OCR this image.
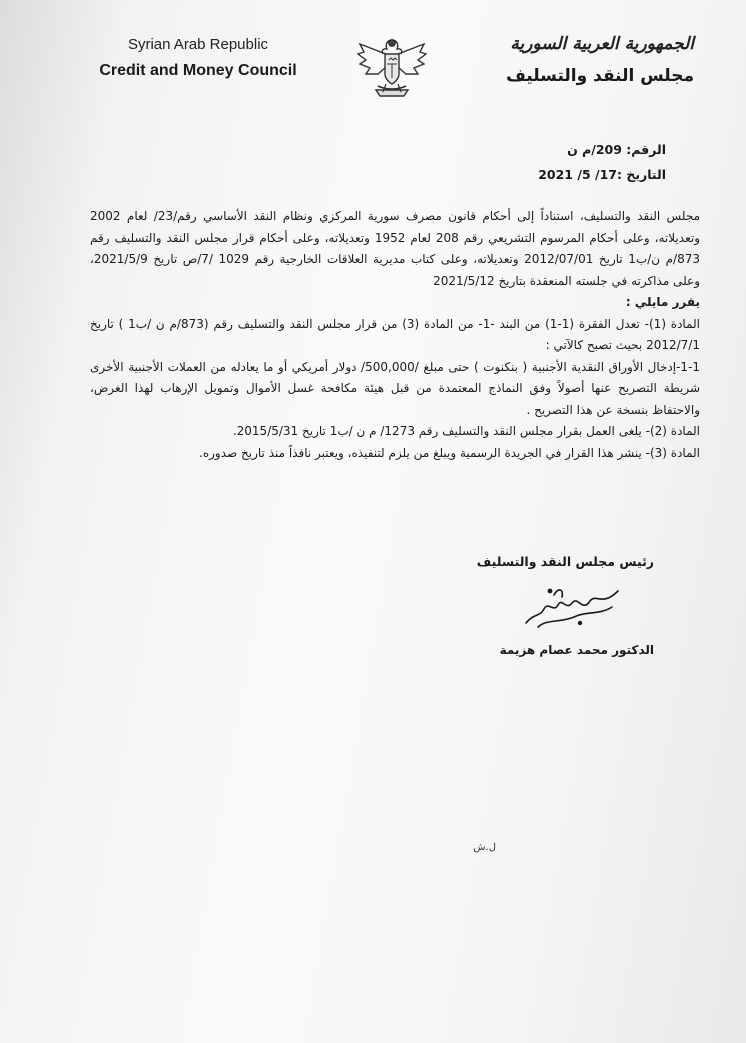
Syrian Arab Republic
Credit and Money Council
الجمهورية العربية السورية
مجلس النقد والتسليف
الرقم: 209/م ن
التاريخ :17/ 5/ 2021

مجلس النقد والتسليف، استناداً إلى أحكام قانون مصرف سورية المركزي ونظام النقد الأساسي رقم/23/ لعام 2002 وتعديلاته، وعلى أحكام المرسوم التشريعي رقم 208 لعام 1952 وتعديلاته، وعلى أحكام قرار مجلس النقد والتسليف رقم 873/م ن/ب1 تاريخ 2012/07/01 وتعديلاته، وعلى كتاب مديرية العلاقات الخارجية رقم 1029 /7/ص تاريخ 2021/5/9، وعلى مذاكرته في جلسته المنعقدة بتاريخ 2021/5/12

يقرر مايلي :

المادة (1)- تعدل الفقرة (1-1) من البند -1- من المادة (3) من قرار مجلس النقد والتسليف رقم (873/م ن /ب1 ) تاريخ 2012/7/1 بحيث تصبح كالآتي :

1-1-إدخال الأوراق النقدية الأجنبية ( بنكنوت ) حتى مبلغ /500,000/ دولار أمريكي أو ما يعادله من العملات الأجنبية الأخرى شريطة التصريح عنها أصولاً وفق النماذج المعتمدة من قبل هيئة مكافحة غسل الأموال وتمويل الإرهاب لهذا الغرض، والاحتفاظ بنسخة عن هذا التصريح .

المادة (2)- يلغى العمل بقرار مجلس النقد والتسليف رقم 1273/ م ن /ب1 تاريخ 2015/5/31.

المادة (3)- ينشر هذا القرار في الجريدة الرسمية ويبلغ من يلزم لتنفيذه، ويعتبر نافذاً منذ تاريخ صدوره.

رئيس مجلس النقد والتسليف
الدكتور محمد عصام هزيمة
ل.ش
